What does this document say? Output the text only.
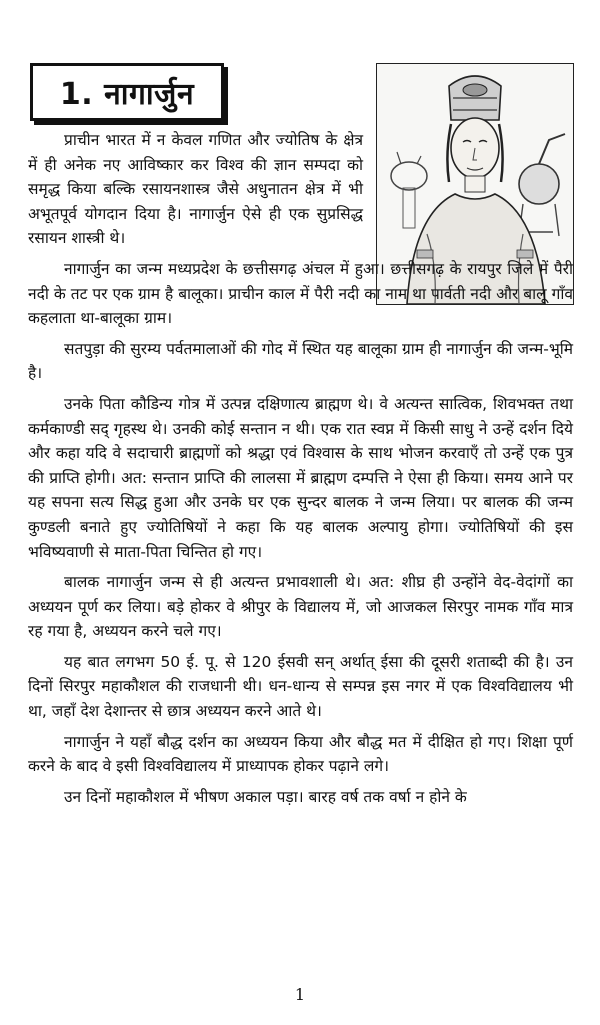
1. नागार्जुन

प्राचीन भारत में न केवल गणित और ज्योतिष के क्षेत्र में ही अनेक नए आविष्कार कर विश्व की ज्ञान सम्पदा को समृद्ध किया बल्कि रसायनशास्त्र जैसे अधुनातन क्षेत्र में भी अभूतपूर्व योगदान दिया है। नागार्जुन ऐसे ही एक सुप्रसिद्ध रसायन शास्त्री थे।

नागार्जुन का जन्म मध्यप्रदेश के छत्तीसगढ़ अंचल में हुआ। छत्तीसगढ़ के रायपुर जिले में पैरी नदी के तट पर एक ग्राम है बालूका। प्राचीन काल में पैरी नदी का नाम था पार्वती नदी और बालू गाँव कहलाता था-बालूका ग्राम।

सतपुड़ा की सुरम्य पर्वतमालाओं की गोद में स्थित यह बालूका ग्राम ही नागार्जुन की जन्म-भूमि है।

उनके पिता कौडिन्य गोत्र में उत्पन्न दक्षिणात्य ब्राह्मण थे। वे अत्यन्त सात्विक, शिवभक्त तथा कर्मकाण्डी सद् गृहस्थ थे। उनकी कोई सन्तान न थी। एक रात स्वप्न में किसी साधु ने उन्हें दर्शन दिये और कहा यदि वे सदाचारी ब्राह्मणों को श्रद्धा एवं विश्वास के साथ भोजन करवाएँ तो उन्हें एक पुत्र की प्राप्ति होगी। अत: सन्तान प्राप्ति की लालसा में ब्राह्मण दम्पत्ति ने ऐसा ही किया। समय आने पर यह सपना सत्य सिद्ध हुआ और उनके घर एक सुन्दर बालक ने जन्म लिया। पर बालक की जन्म कुण्डली बनाते हुए ज्योतिषियों ने कहा कि यह बालक अल्पायु होगा। ज्योतिषियों की इस भविष्यवाणी से माता-पिता चिन्तित हो गए।

बालक नागार्जुन जन्म से ही अत्यन्त प्रभावशाली थे। अत: शीघ्र ही उन्होंने वेद-वेदांगों का अध्ययन पूर्ण कर लिया। बड़े होकर वे श्रीपुर के विद्यालय में, जो आजकल सिरपुर नामक गाँव मात्र रह गया है, अध्ययन करने चले गए।

यह बात लगभग 50 ई. पू. से 120 ईसवी सन् अर्थात् ईसा की दूसरी शताब्दी की है। उन दिनों सिरपुर महाकौशल की राजधानी थी। धन-धान्य से सम्पन्न इस नगर में एक विश्वविद्यालय भी था, जहाँ देश देशान्तर से छात्र अध्ययन करने आते थे।

नागार्जुन ने यहाँ बौद्ध दर्शन का अध्ययन किया और बौद्ध मत में दीक्षित हो गए। शिक्षा पूर्ण करने के बाद वे इसी विश्वविद्यालय में प्राध्यापक होकर पढ़ाने लगे।

उन दिनों महाकौशल में भीषण अकाल पड़ा। बारह वर्ष तक वर्षा न होने के

1
